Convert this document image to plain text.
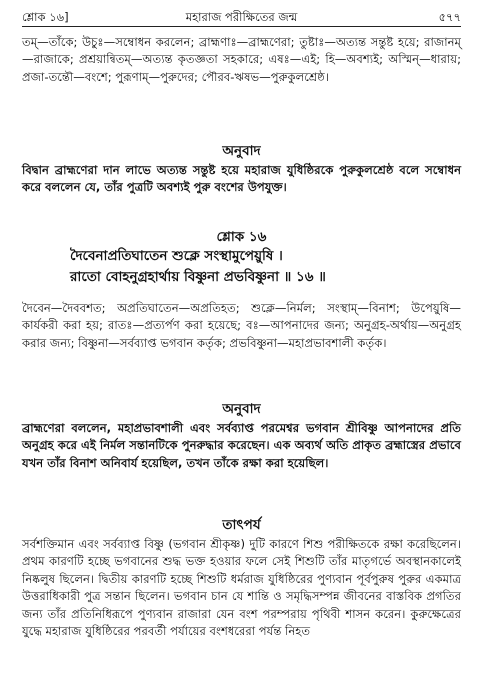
শ্লোক ১৬]	মহারাজ পরীক্ষিতের জন্ম	৫৭৭

তম্—তাঁকে; উচুঃ—সম্বোধন করলেন; ব্রাহ্মণাঃ—ব্রাহ্মণেরা; তুষ্টাঃ—অত্যন্ত সন্তুষ্ট হয়ে; রাজানম্—রাজাকে; প্রশ্রয়ান্বিতম্—অত্যন্ত কৃতজ্ঞতা সহকারে; এষঃ—এই; হি—অবশ্যই; অস্মিন্—ধারায়; প্রজা-তন্তৌ—বংশে; পুরূণাম্—পুরুদের; পৌরব-ঋষভ—পুরুকুলশ্রেষ্ঠ।

অনুবাদ

বিদ্বান ব্রাহ্মণেরা দান লাভে অত্যন্ত সন্তুষ্ট হয়ে মহারাজ যুধিষ্ঠিরকে পুরুকুলশ্রেষ্ঠ বলে সম্বোধন করে বললেন যে, তাঁর পুত্রটি অবশ্যই পুরু বংশের উপযুক্ত।

শ্লোক ১৬

দৈবেনাপ্রতিঘাতেন শুক্লে সংস্থামুপেয়ুষি ।

রাতো বোহনুগ্রহার্থায় বিষ্ণুনা প্রভবিষ্ণুনা ॥ ১৬ ॥

দৈবেন—দৈববশত; অপ্রতিঘাতেন—অপ্রতিহত; শুক্লে—নির্মল; সংস্থাম্—বিনাশ; উপেয়ুষি—কার্যকরী করা হয়; রাতঃ—প্রত্যর্পণ করা হয়েছে; বঃ—আপনাদের জন্য; অনুগ্রহ-অর্থায়—অনুগ্রহ করার জন্য; বিষ্ণুনা—সর্বব্যাপ্ত ভগবান কর্তৃক; প্রভবিষ্ণুনা—মহাপ্রভাবশালী কর্তৃক।

অনুবাদ

ব্রাহ্মণেরা বললেন, মহাপ্রভাবশালী এবং সর্বব্যাপ্ত পরমেশ্বর ভগবান শ্রীবিষ্ণু আপনাদের প্রতি অনুগ্রহ করে এই নির্মল সন্তানটিকে পুনরুদ্ধার করেছেন। এক অব্যর্থ অতি প্রাকৃত ব্রহ্মাস্ত্রের প্রভাবে যখন তাঁর বিনাশ অনিবার্য হয়েছিল, তখন তাঁকে রক্ষা করা হয়েছিল।

তাৎপর্য

সর্বশক্তিমান এবং সর্বব্যাপ্ত বিষ্ণু (ভগবান শ্রীকৃষ্ণ) দুটি কারণে শিশু পরীক্ষিতকে রক্ষা করেছিলেন। প্রথম কারণটি হচ্ছে ভগবানের শুদ্ধ ভক্ত হওয়ার ফলে সেই শিশুটি তাঁর মাতৃগর্ভে অবস্থানকালেই নিষ্কলুষ ছিলেন। দ্বিতীয় কারণটি হচ্ছে শিশুটি ধর্মরাজ যুধিষ্ঠিরের পুণ্যবান পূর্বপুরুষ পুরুর একমাত্র উত্তরাধিকারী পুত্র সন্তান ছিলেন। ভগবান চান যে শান্তি ও সমৃদ্ধিসম্পন্ন জীবনের বাস্তবিক প্রগতির জন্য তাঁর প্রতিনিধিরূপে পুণ্যবান রাজারা যেন বংশ পরম্পরায় পৃথিবী শাসন করেন। কুরুক্ষেত্রের যুদ্ধে মহারাজ যুধিষ্ঠিরের পরবর্তী পর্যায়ের বংশধরেরা পর্যন্ত নিহত
